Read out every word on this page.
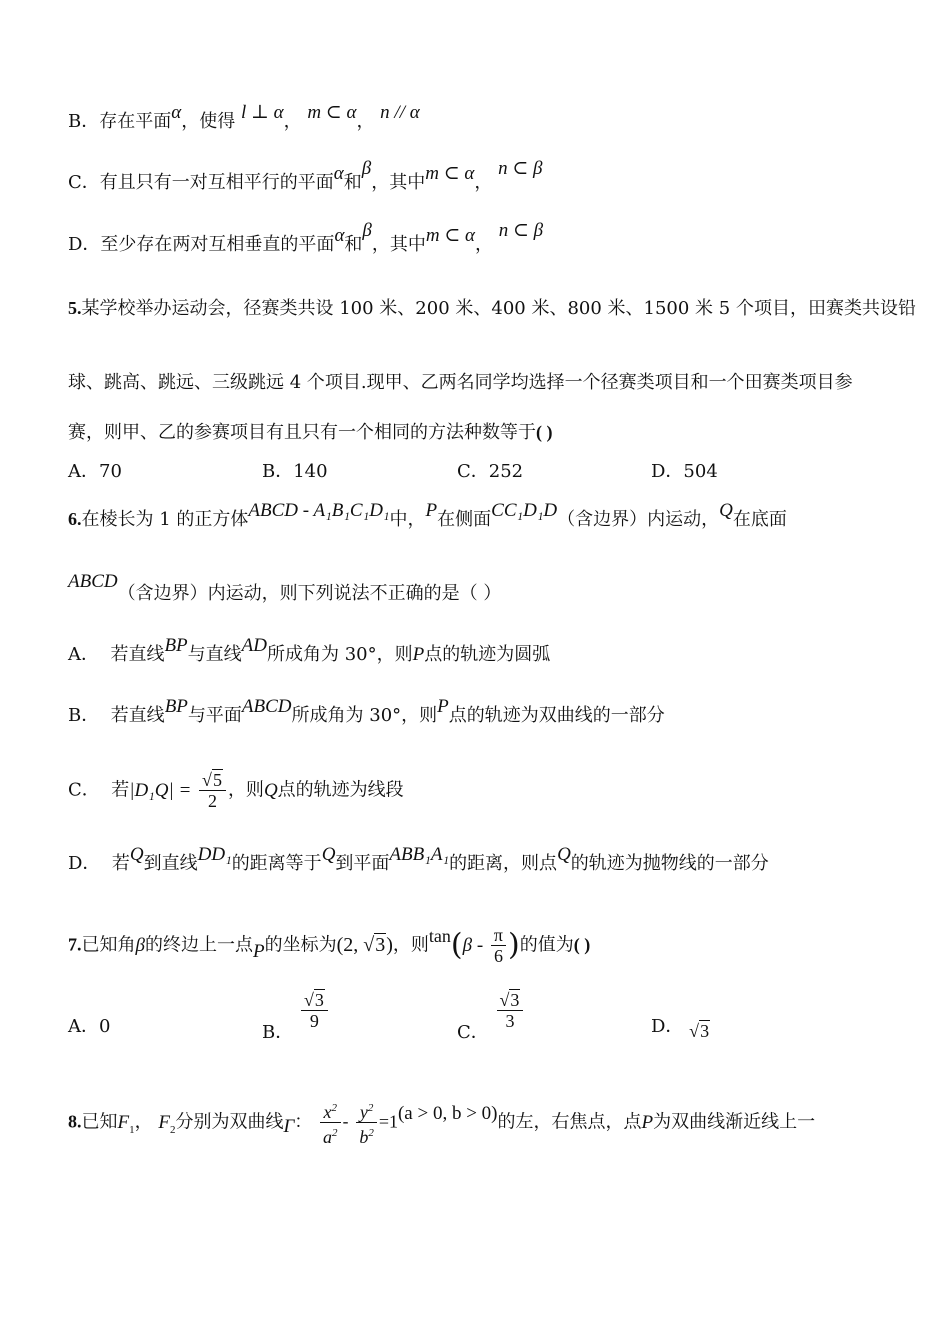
B．存在平面α，使得 l ⊥ α， m ⊂ α， n // α
C．有且只有一对互相平行的平面α和β，其中m ⊂ α， n ⊂ β
D．至少存在两对互相垂直的平面α和β，其中m ⊂ α， n ⊂ β
5.某学校举办运动会，径赛类共设 100 米、200 米、400 米、800 米、1500 米 5 个项目，田赛类共设铅
球、跳高、跳远、三级跳远 4 个项目.现甲、乙两名同学均选择一个径赛类项目和一个田赛类项目参
赛，则甲、乙的参赛项目有且只有一个相同的方法种数等于( )
A．70	B．140	C．252	D．504
6.在棱长为 1 的正方体ABCD - A₁B₁C₁D₁中，P在侧面CC₁D₁D（含边界）内运动，Q在底面
ABCD（含边界）内运动，则下列说法不正确的是（ ）
A． 若直线BP与直线AD所成角为 30°，则P点的轨迹为圆弧
B． 若直线BP与平面ABCD所成角为 30°，则P点的轨迹为双曲线的一部分
C． 若$|D_1Q| = \frac{√5}{2}$ ，则Q点的轨迹为线段
D． 若Q到直线DD₁的距离等于Q到平面ABB₁A₁的距离，则点Q的轨迹为抛物线的一部分
7.已知角β的终边上一点P的坐标为(2, √3)，则$\tan(\beta - \frac{\pi}{6}$ )的值为( )
A．0	B．
$\frac{√3}{9}$
C．
$\frac{√3}{3}$	D． √3
8.已知$F_1$， $F_2$分别为双曲线Γ： $\frac{x^2}{a^2} - \frac{y^2}{b^2} =1(a > 0$, b > 0)的左，右焦点，点P为双曲线渐近线上一
